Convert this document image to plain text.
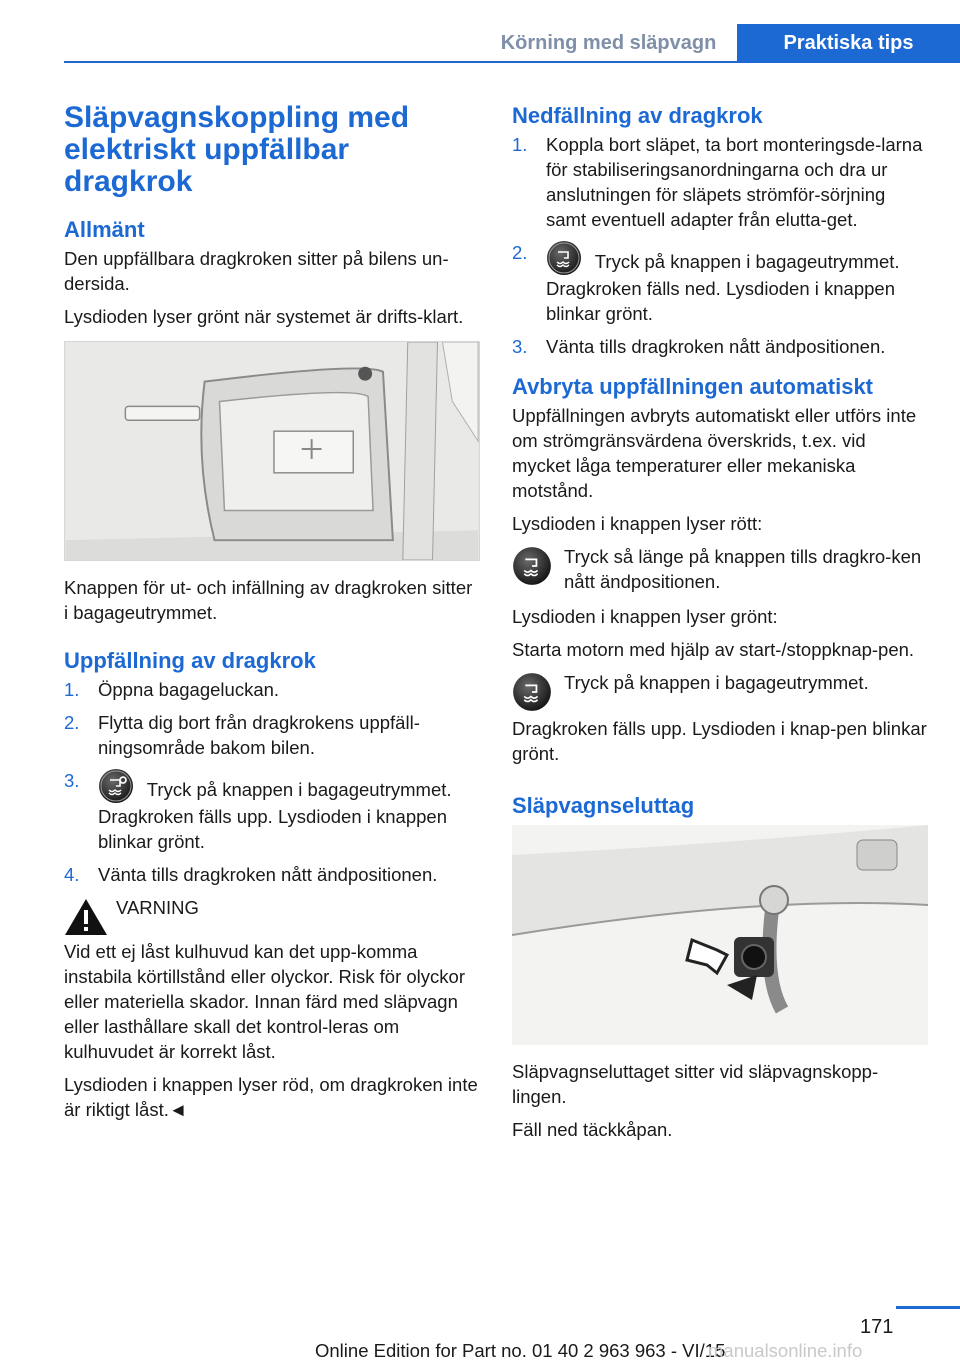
Körning med släpvagn	Praktiska tips
Släpvagnskoppling med elektriskt uppfällbar dragkrok
Allmänt

Den uppfällbara dragkroken sitter på bilens un-dersida.

Lysdioden lyser grönt när systemet är drifts-klart.

Knappen för ut- och infällning av dragkroken sitter i bagageutrymmet.

Uppfällning av dragkrok
1. Öppna bagageluckan.
2. Flytta dig bort från dragkrokens uppfäll-ningsområde bakom bilen.
3.	Tryck på knappen i bagageutrymmet.
Dragkroken fälls upp. Lysdioden i knappen blinkar grönt.
4. Vänta tills dragkroken nått ändpositionen.
VARNING

Vid ett ej låst kulhuvud kan det upp-komma instabila körtillstånd eller olyckor. Risk för olyckor eller materiella skador. Innan färd med släpvagn eller lasthållare skall det kontrol-leras om kulhuvudet är korrekt låst.

Lysdioden i knappen lyser röd, om dragkroken inte är riktigt låst.◄

Nedfällning av dragkrok
1. Koppla bort släpet, ta bort monteringsde-larna för stabiliseringsanordningarna och dra ur anslutningen för släpets strömför-sörjning samt eventuell adapter från elutta-get.
2.	Tryck på knappen i bagageutrymmet.
Dragkroken fälls ned. Lysdioden i knappen blinkar grönt.
3. Vänta tills dragkroken nått ändpositionen.
Avbryta uppfällningen automatiskt

Uppfällningen avbryts automatiskt eller utförs inte om strömgränsvärdena överskrids, t.ex. vid mycket låga temperaturer eller mekaniska motstånd.

Lysdioden i knappen lyser rött:

Tryck så länge på knappen tills dragkro-ken nått ändpositionen.

Lysdioden i knappen lyser grönt:

Starta motorn med hjälp av start-/stoppknap-pen.

Tryck på knappen i bagageutrymmet.

Dragkroken fälls upp. Lysdioden i knap-pen blinkar grönt.

Släpvagnseluttag

Släpvagnseluttaget sitter vid släpvagnskopp-lingen.

Fäll ned täckkåpan.

171
Online Edition for Part no. 01 40 2 963 963 - VI/15
manualsonline.info
